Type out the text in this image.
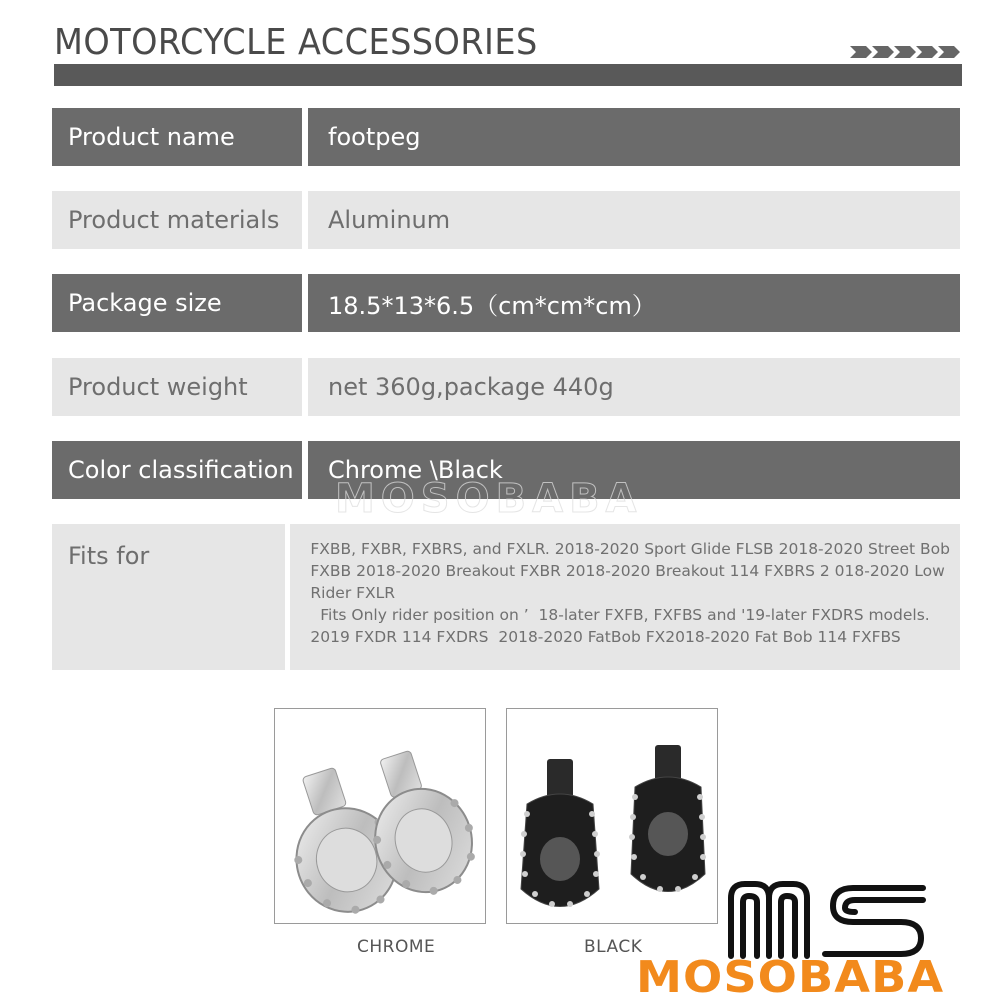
MOTORCYCLE ACCESSORIES
Product name	footpeg
Product materials	Aluminum
Package size	18.5*13*6.5（cm*cm*cm）
Product weight	net 360g,package 440g
Color classification	Chrome \Black
MOSOBABA
Fits for	FXBB, FXBR, FXBRS, and FXLR. 2018-2020 Sport Glide FLSB 2018-2020 Street Bob
FXBB 2018-2020 Breakout FXBR 2018-2020 Breakout 114 FXBRS 2 018-2020 Low
Rider FXLR
Fits Only rider position on ’  18-later FXFB, FXFBS and '19-later FXDRS models.
2019 FXDR 114 FXDRS  2018-2020 FatBob FX2018-2020 Fat Bob 114 FXFBS
CHROME	BLACK
MOSOBABA
